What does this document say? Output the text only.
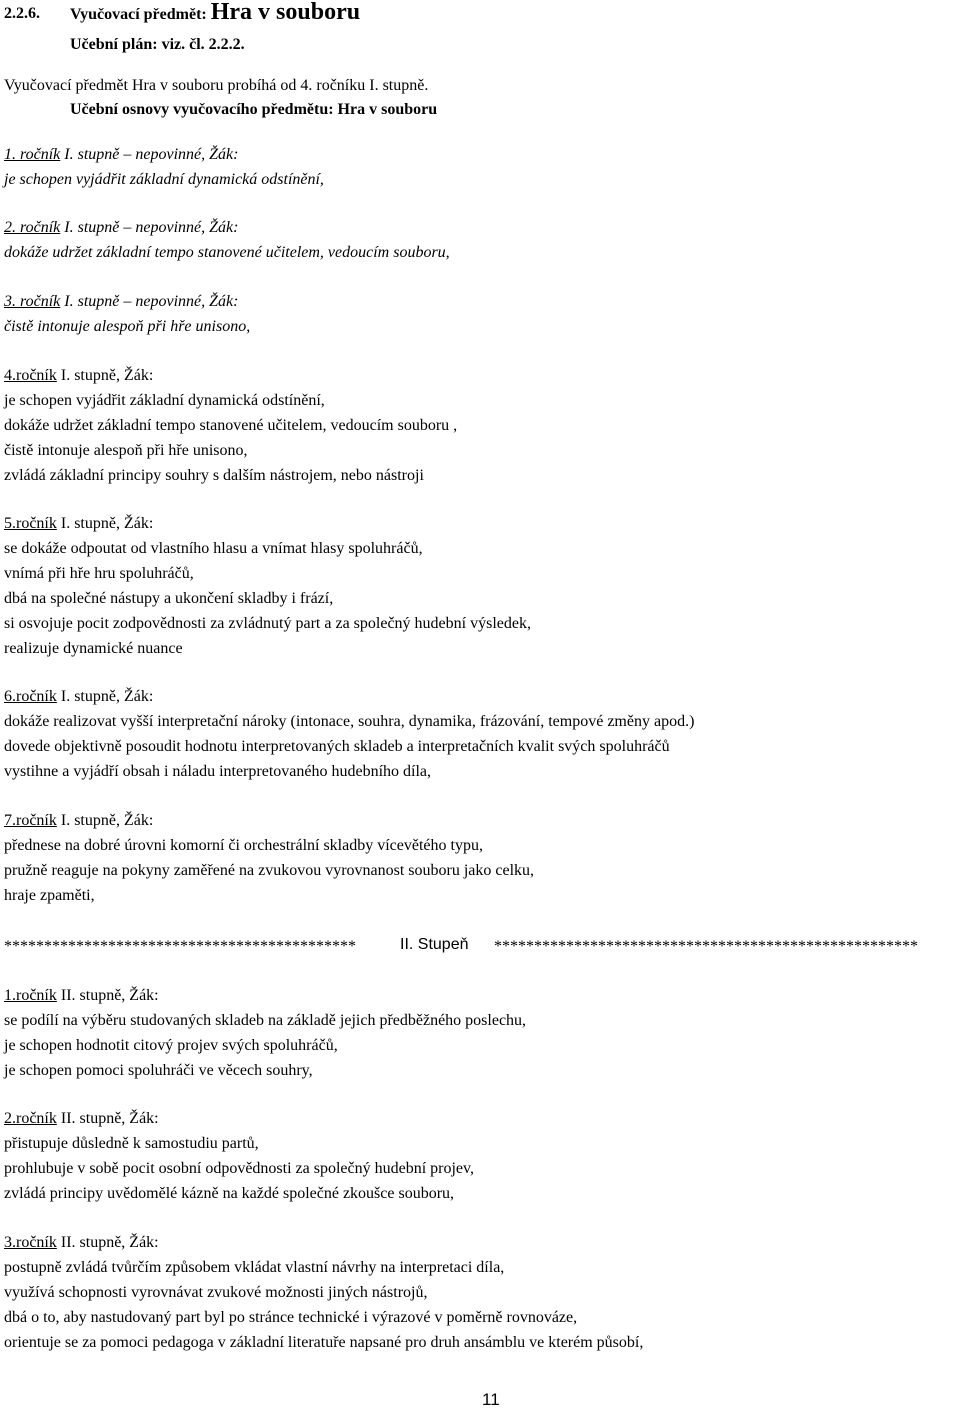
2.2.6. Vyučovací předmět: Hra v souboru
Učební plán: viz. čl. 2.2.2.
Vyučovací předmět Hra v souboru probíhá od 4. ročníku I. stupně.
Učební osnovy vyučovacího předmětu: Hra v souboru
1. ročník I. stupně – nepovinné, Žák:
je schopen vyjádřit základní dynamická odstínění,
2. ročník I. stupně – nepovinné, Žák:
dokáže udržet základní tempo stanovené učitelem, vedoucím souboru,
3. ročník I. stupně – nepovinné, Žák:
čistě intonuje alespoň při hře unisono,
4.ročník I. stupně, Žák:
je schopen vyjádřit základní dynamická odstínění,
dokáže udržet základní tempo stanovené učitelem, vedoucím souboru ,
čistě intonuje alespoň při hře unisono,
zvládá základní principy souhry s dalším nástrojem, nebo nástroji
5.ročník I. stupně, Žák:
se dokáže odpoutat od vlastního hlasu a vnímat hlasy spoluhráčů,
vnímá při hře hru spoluhráčů,
dbá na společné nástupy a ukončení skladby i frází,
si osvojuje pocit zodpovědnosti za zvládnutý part a za společný hudební výsledek,
realizuje dynamické nuance
6.ročník I. stupně, Žák:
dokáže realizovat vyšší interpretační nároky (intonace, souhra, dynamika, frázování, tempové změny apod.)
dovede objektivně posoudit hodnotu interpretovaných skladeb a interpretačních kvalit svých spoluhráčů
vystihne a vyjádří obsah i náladu interpretovaného hudebního díla,
7.ročník I. stupně, Žák:
přednese na dobré úrovni komorní či orchestrální skladby vícevětého typu,
pružně reaguje na pokyny zaměřené na zvukovou vyrovnanost souboru jako celku,
hraje zpaměti,
********************************************	II. Stupeň *****************************************************
1.ročník II. stupně, Žák:
se podílí na výběru studovaných skladeb na základě jejich předběžného poslechu,
je schopen hodnotit citový projev svých spoluhráčů,
je schopen pomoci spoluhráči ve věcech souhry,
2.ročník II. stupně, Žák:
přistupuje důsledně k samostudiu partů,
prohlubuje v sobě pocit osobní odpovědnosti za společný hudební projev,
zvládá principy uvědomělé kázně na každé společné zkoušce souboru,
3.ročník II. stupně, Žák:
postupně zvládá tvůrčím způsobem vkládat vlastní návrhy na interpretaci díla,
využívá schopnosti vyrovnávat zvukové možnosti jiných nástrojů,
dbá o to, aby nastudovaný part byl po stránce technické i výrazové v poměrně rovnováze,
orientuje se za pomoci pedagoga v základní literatuře napsané pro druh ansámblu ve kterém působí,
11
